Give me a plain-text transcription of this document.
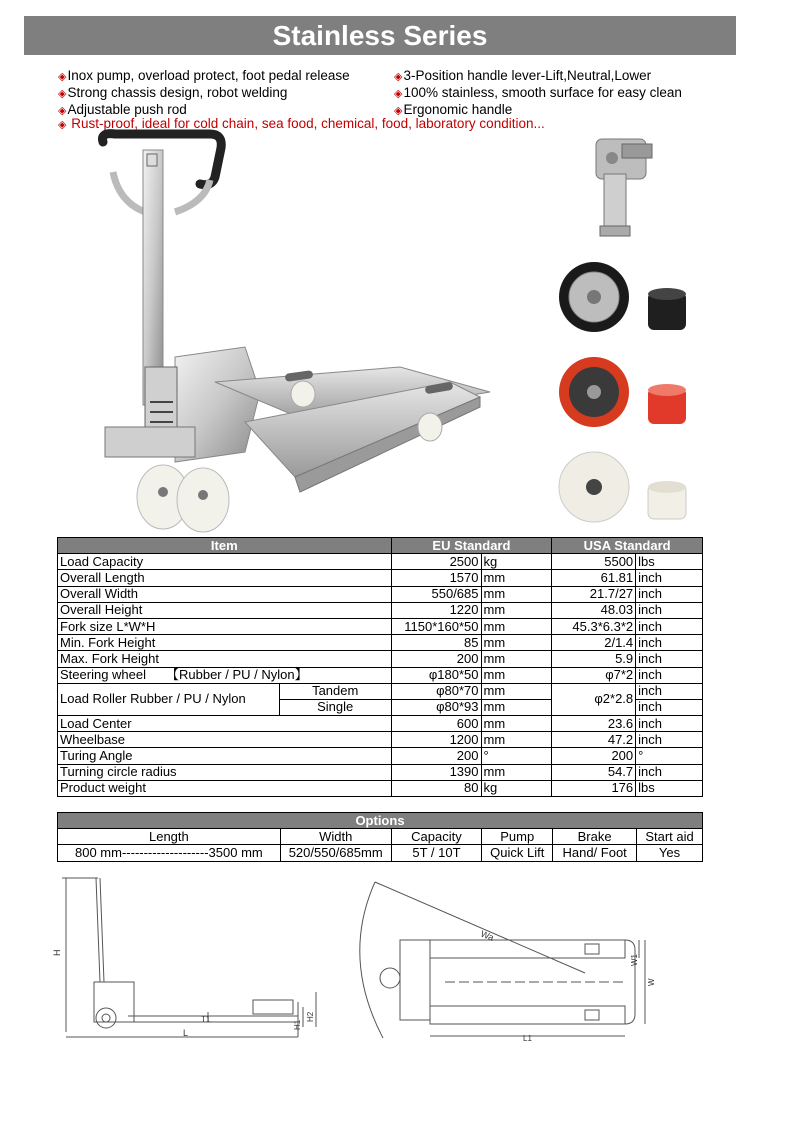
Stainless Series
◈Inox pump, overload protect, foot pedal release
◈Strong chassis design, robot welding
◈Adjustable push rod
◈3-Position handle lever-Lift,Neutral,Lower
◈100% stainless, smooth surface for easy clean
◈Ergonomic handle
◈ Rust-proof, ideal for cold chain, sea food, chemical, food, laboratory condition...
Item		EU Standard		USA Standard	
Load Capacity		2500	kg	5500	lbs
Overall Length		1570	mm	61.81	inch
Overall Width		550/685	mm	21.7/27	inch
Overall Height		1220	mm	48.03	inch
Fork size L*W*H		1150*160*50	mm	45.3*6.3*2	inch
Min. Fork Height		85	mm	2/1.4	inch
Max. Fork Height		200	mm	5.9	inch
Steering wheel 【Rubber / PU / Nylon】		φ180*50	mm	φ7*2	inch
Load Roller Rubber / PU / Nylon	Tandem	φ80*70	mm	φ2*2.8	inch
	Single	φ80*93	mm		inch
Load Center		600	mm	23.6	inch
Wheelbase		1200	mm	47.2	inch
Turing Angle		200	°	200	°
Turning circle radius		1390	mm	54.7	inch
Product weight		80	kg	176	lbs
Options					
Length	Width	Capacity	Pump	Brake	Start aid
800 mm--------------------3500 mm	520/550/685mm	5T / 10T	Quick Lift	Hand/ Foot	Yes
H
L
T1
H1
H2
Wa
W1
W
L1
